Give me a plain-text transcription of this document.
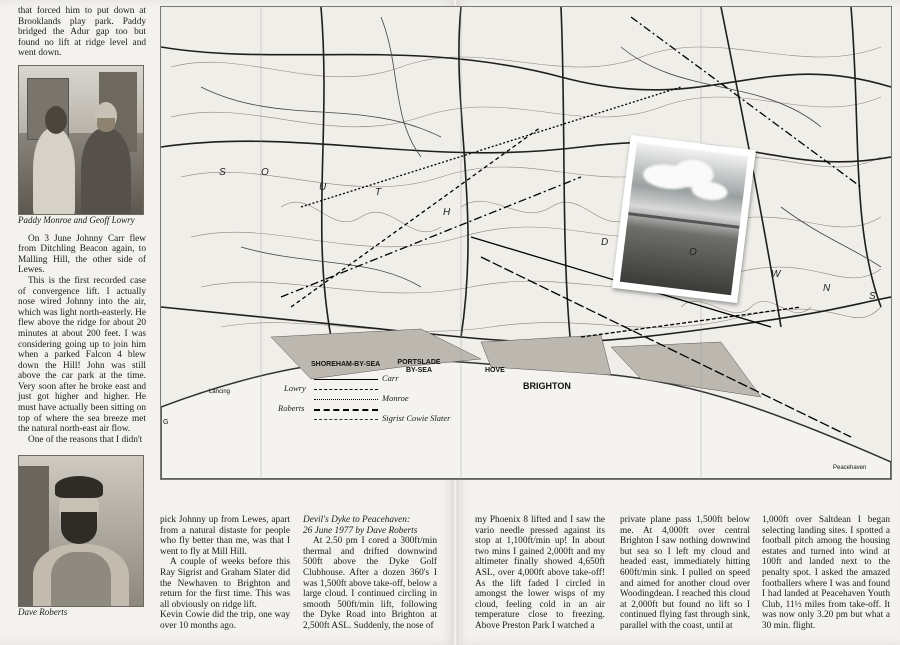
that forced him to put down at Brooklands play park. Paddy bridged the Adur gap too but found no lift at ridge level and went down.

Paddy Monroe and Geoff Lowry

On 3 June Johnny Carr flew from Ditchling Beacon again, to Malling Hill, the other side of Lewes.

This is the first recorded case of convergence lift. I actually nose wired Johnny into the air, which was light north-easterly. He flew above the ridge for about 20 minutes at about 200 feet. I was considering going up to join him when a parked Falcon 4 blew down the Hill! John was still above the car park at the time. Very soon after he broke east and just got higher and higher. He must have actually been sitting on top of where the sea breeze met the natural north-east air flow.

One of the reasons that I didn't

Dave Roberts

S	O
U	T
H
D
O
W
N
S
SHOREHAM-BY-SEA	PORTSLADE BY-SEA	HOVE
BRIGHTON
Lancing
Peacehaven
G
Carr
Lowry
Monroe
Roberts
Sigrist Cowie Slater

pick Johnny up from Lewes, apart from a natural distaste for people who fly better than me, was that I went to fly at Mill Hill.

A couple of weeks before this Ray Sigrist and Graham Slater did the Newhaven to Brighton and return for the first time. This was all obviously on ridge lift.

Kevin Cowie did the trip, one way over 10 months ago.

Devil's Dyke to Peacehaven:

26 June 1977 by Dave Roberts

At 2.50 pm I cored a 300ft/min thermal and drifted downwind 500ft above the Dyke Golf Clubhouse. After a dozen 360's I was 1,500ft above take-off, below a large cloud. I continued circling in smooth 500ft/min lift, following the Dyke Road into Brighton at 2,500ft ASL. Suddenly, the nose of

my Phoenix 8 lifted and I saw the vario needle pressed against its stop at 1,100ft/min up! In about two mins I gained 2,000ft and my altimeter finally showed 4,650ft ASL, over 4,000ft above take-off! As the lift faded I circled in amongst the lower wisps of my cloud, feeling cold in an air temperature close to freezing. Above Preston Park I watched a

private plane pass 1,500ft below me. At 4,000ft over central Brighton I saw nothing downwind but sea so I left my cloud and headed east, immediately hitting 600ft/min sink. I pulled on speed and aimed for another cloud over Woodingdean. I reached this cloud at 2,000ft but found no lift so I continued flying fast through sink, parallel with the coast, until at

1,000ft over Saltdean I began selecting landing sites. I spotted a football pitch among the housing estates and turned into wind at 100ft and landed next to the penalty spot. I asked the amazed footballers where I was and found I had landed at Peacehaven Youth Club, 11½ miles from take-off. It was now only 3.20 pm but what a 30 min. flight.
